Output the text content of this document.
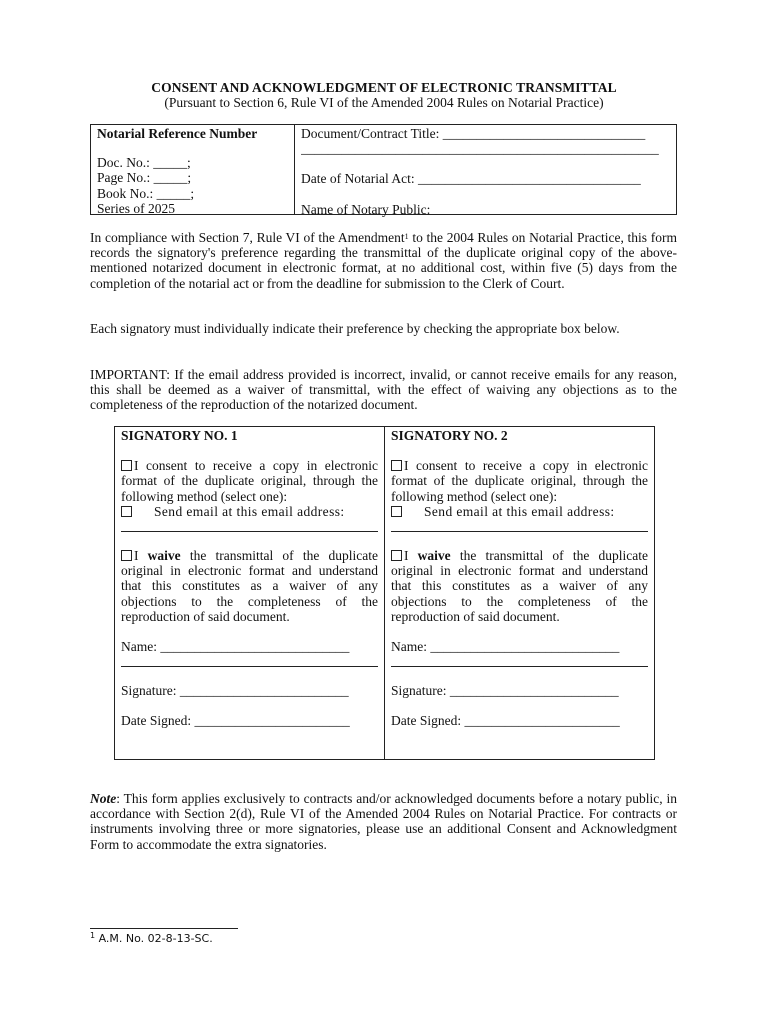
CONSENT AND ACKNOWLEDGMENT OF ELECTRONIC TRANSMITTAL
(Pursuant to Section 6, Rule VI of the Amended 2004 Rules on Notarial Practice)
Notarial Reference Number
Doc. No.: _____;
Page No.: _____;
Book No.: _____;
Series of 2025
Document/Contract Title: ______________________________
_____________________________________________________
Date of Notarial Act: _________________________________
Name of Notary Public:
In compliance with Section 7, Rule VI of the Amendment$^1$ to the 2004 Rules on Notarial Practice, this form records the signatory's preference regarding the transmittal of the duplicate original copy of the above-mentioned notarized document in electronic format, at no additional cost, within five (5) days from the completion of the notarial act or from the deadline for submission to the Clerk of Court.
Each signatory must individually indicate their preference by checking the appropriate box below.
IMPORTANT: If the email address provided is incorrect, invalid, or cannot receive emails for any reason, this shall be deemed as a waiver of transmittal, with the effect of waiving any objections as to the completeness of the reproduction of the notarized document.
SIGNATORY NO. 1
I consent to receive a copy in electronic format of the duplicate original, through the following method (select one):
Send email at this email address:
I waive the transmittal of the duplicate original in electronic format and understand that this constitutes as a waiver of any objections to the completeness of the reproduction of said document.
Name: ____________________________
Signature: _________________________
Date Signed: _______________________
SIGNATORY NO. 2
I consent to receive a copy in electronic format of the duplicate original, through the following method (select one):
Send email at this email address:
I waive the transmittal of the duplicate original in electronic format and understand that this constitutes as a waiver of any objections to the completeness of the reproduction of said document.
Name: ____________________________
Signature: _________________________
Date Signed: _______________________
Note: This form applies exclusively to contracts and/or acknowledged documents before a notary public, in accordance with Section 2(d), Rule VI of the Amended 2004 Rules on Notarial Practice. For contracts or instruments involving three or more signatories, please use an additional Consent and Acknowledgment Form to accommodate the extra signatories.
$^1$ A.M. No. 02-8-13-SC.
